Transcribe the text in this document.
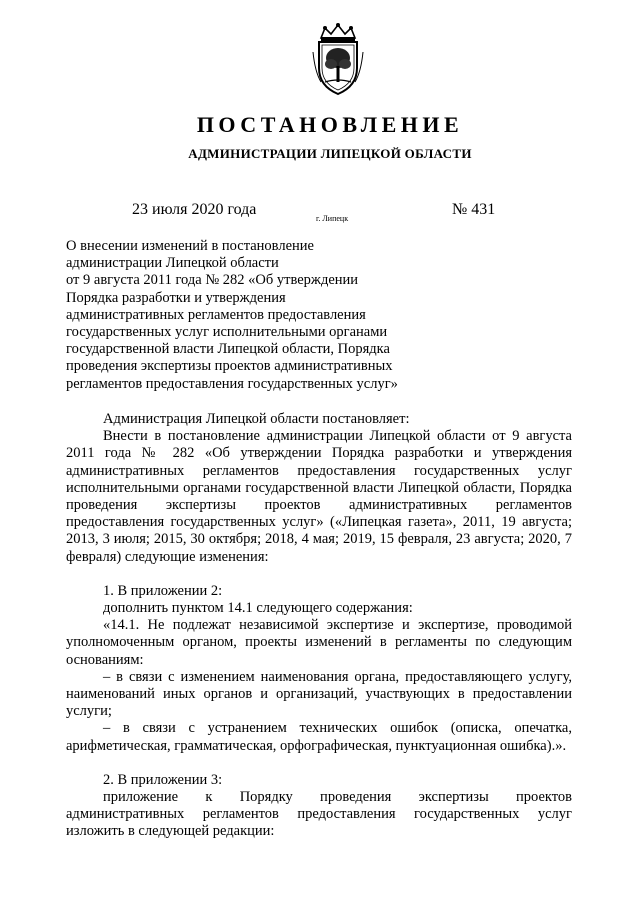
ПОСТАНОВЛЕНИЕ
АДМИНИСТРАЦИИ ЛИПЕЦКОЙ ОБЛАСТИ
23 июля 2020 года
г. Липецк
№ 431
О внесении изменений в постановление
администрации Липецкой области
от 9 августа 2011 года № 282 «Об утверждении
Порядка разработки и утверждения
административных регламентов предоставления
государственных услуг исполнительными органами
государственной власти Липецкой области, Порядка
проведения экспертизы проектов административных
регламентов предоставления государственных услуг»
Администрация Липецкой области постановляет:
Внести в постановление администрации Липецкой области от 9 августа 2011 года № 282 «Об утверждении Порядка разработки и утверждения административных регламентов предоставления государственных услуг исполнительными органами государственной власти Липецкой области, Порядка проведения экспертизы проектов административных регламентов предоставления государственных услуг» («Липецкая газета», 2011, 19 августа; 2013, 3 июля; 2015, 30 октября; 2018, 4 мая; 2019, 15 февраля, 23 августа; 2020, 7 февраля) следующие изменения:
1. В приложении 2:
дополнить пунктом 14.1 следующего содержания:
«14.1. Не подлежат независимой экспертизе и экспертизе, проводимой уполномоченным органом, проекты изменений в регламенты по следующим основаниям:
– в связи с изменением наименования органа, предоставляющего услугу, наименований иных органов и организаций, участвующих в предоставлении услуги;
– в связи с устранением технических ошибок (описка, опечатка, арифметическая, грамматическая, орфографическая, пунктуационная ошибка).».
2. В приложении 3:
приложение к Порядку проведения экспертизы проектов административных регламентов предоставления государственных услуг изложить в следующей редакции:
